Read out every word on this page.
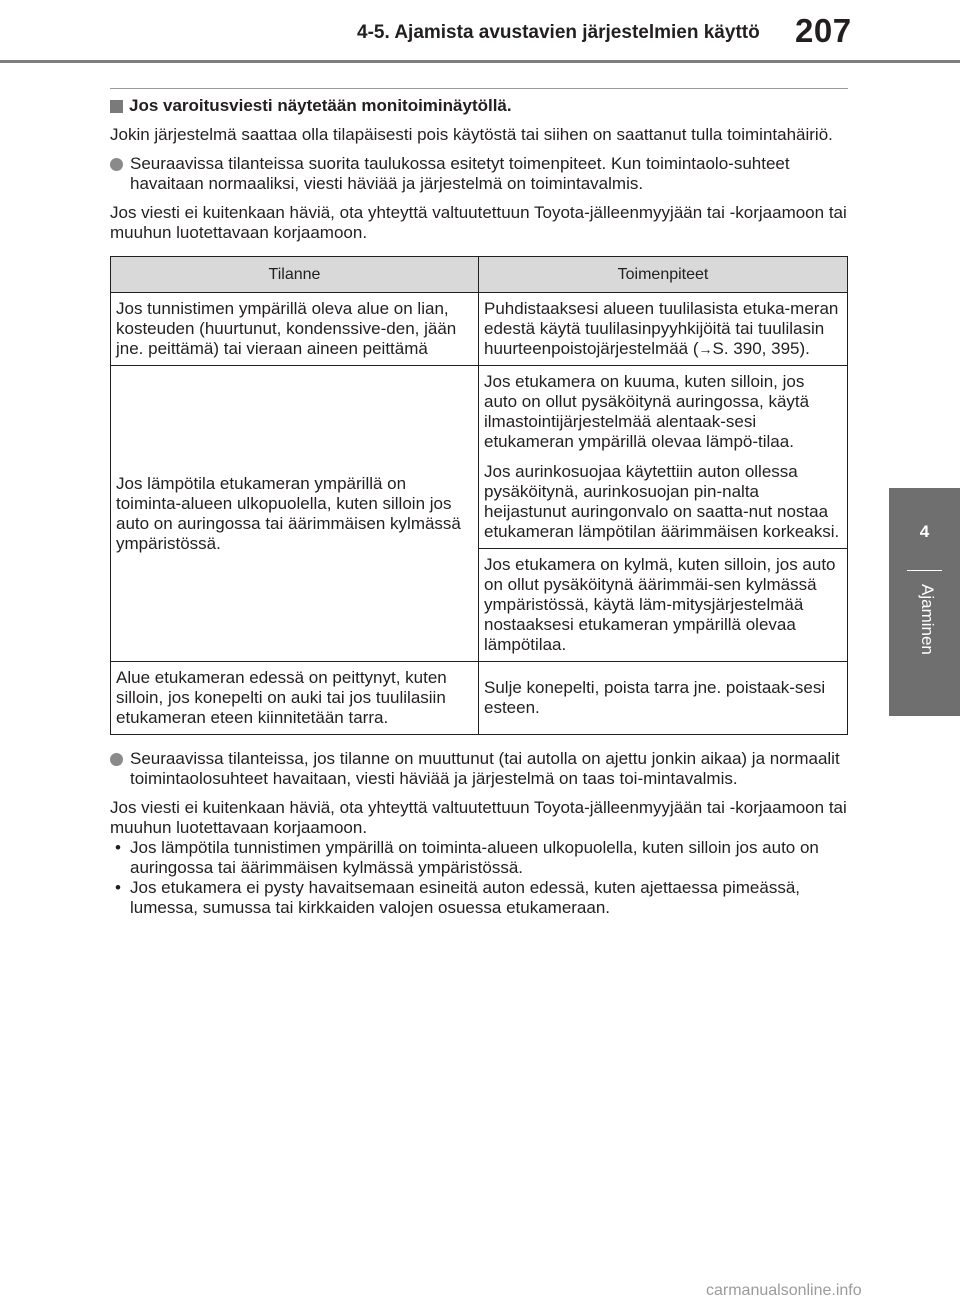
4-5. Ajamista avustavien järjestelmien käyttö 207
4
Ajaminen
Jos varoitusviesti näytetään monitoiminäytöllä.

Jokin järjestelmä saattaa olla tilapäisesti pois käytöstä tai siihen on saattanut tulla toimintahäiriö.

Seuraavissa tilanteissa suorita taulukossa esitetyt toimenpiteet. Kun toimintaolo-suhteet havaitaan normaaliksi, viesti häviää ja järjestelmä on toimintavalmis.

Jos viesti ei kuitenkaan häviä, ota yhteyttä valtuutettuun Toyota-jälleenmyyjään tai -korjaamoon tai muuhun luotettavaan korjaamoon.

Tilanne	Toimenpiteet
Jos tunnistimen ympärillä oleva alue on lian, kosteuden (huurtunut, kondenssive-den, jään jne. peittämä) tai vieraan aineen peittämä	Puhdistaaksesi alueen tuulilasista etuka-meran edestä käytä tuulilasinpyyhkijöitä tai tuulilasin huurteenpoistojärjestelmää (→S. 390, 395).
Jos lämpötila etukameran ympärillä on toiminta-alueen ulkopuolella, kuten silloin jos auto on auringossa tai äärimmäisen kylmässä ympäristössä.	Jos etukamera on kuuma, kuten silloin, jos auto on ollut pysäköitynä auringossa, käytä ilmastointijärjestelmää alentaak-sesi etukameran ympärillä olevaa lämpö-tilaa.

Jos aurinkosuojaa käytettiin auton ollessa pysäköitynä, aurinkosuojan pin-nalta heijastunut auringonvalo on saatta-nut nostaa etukameran lämpötilan äärimmäisen korkeaksi.

	Jos etukamera on kylmä, kuten silloin, jos auto on ollut pysäköitynä äärimmäi-sen kylmässä ympäristössä, käytä läm-mitysjärjestelmää nostaaksesi etukameran ympärillä olevaa lämpötilaa.
Alue etukameran edessä on peittynyt, kuten silloin, jos konepelti on auki tai jos tuulilasiin etukameran eteen kiinnitetään tarra.	Sulje konepelti, poista tarra jne. poistaak-sesi esteen.

Seuraavissa tilanteissa, jos tilanne on muuttunut (tai autolla on ajettu jonkin aikaa) ja normaalit toimintaolosuhteet havaitaan, viesti häviää ja järjestelmä on taas toi-mintavalmis.

Jos viesti ei kuitenkaan häviä, ota yhteyttä valtuutettuun Toyota-jälleenmyyjään tai -korjaamoon tai muuhun luotettavaan korjaamoon.

• Jos lämpötila tunnistimen ympärillä on toiminta-alueen ulkopuolella, kuten silloin jos auto on auringossa tai äärimmäisen kylmässä ympäristössä.
• Jos etukamera ei pysty havaitsemaan esineitä auton edessä, kuten ajettaessa pimeässä, lumessa, sumussa tai kirkkaiden valojen osuessa etukameraan.
carmanualsonline.info
